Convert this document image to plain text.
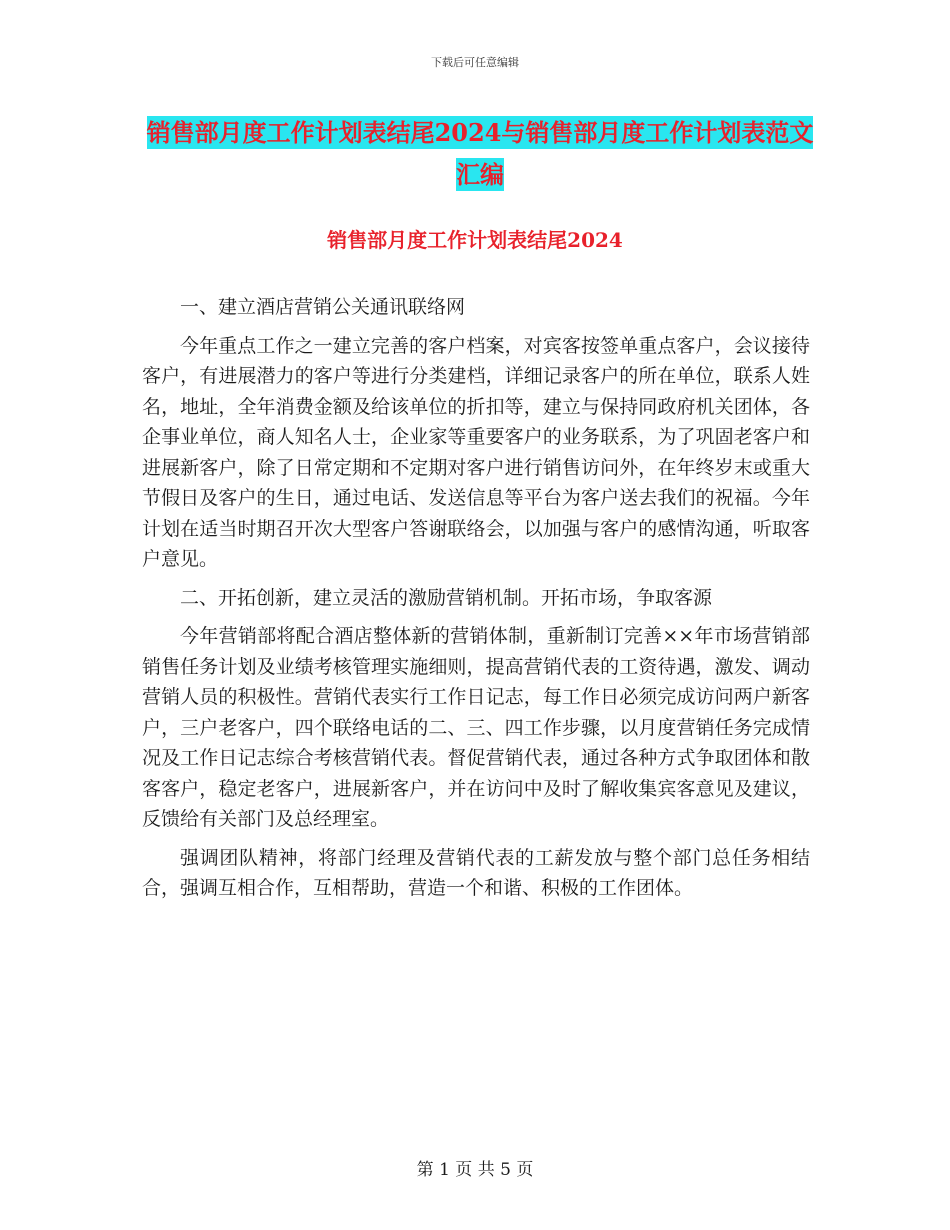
下载后可任意编辑
销售部月度工作计划表结尾2024与销售部月度工作计划表范文汇编
销售部月度工作计划表结尾2024

一、建立酒店营销公关通讯联络网

今年重点工作之一建立完善的客户档案，对宾客按签单重点客户，会议接待客户，有进展潜力的客户等进行分类建档，详细记录客户的所在单位，联系人姓名，地址，全年消费金额及给该单位的折扣等，建立与保持同政府机关团体，各企事业单位，商人知名人士，企业家等重要客户的业务联系，为了巩固老客户和进展新客户，除了日常定期和不定期对客户进行销售访问外，在年终岁末或重大节假日及客户的生日，通过电话、发送信息等平台为客户送去我们的祝福。今年计划在适当时期召开次大型客户答谢联络会，以加强与客户的感情沟通，听取客户意见。

二、开拓创新，建立灵活的激励营销机制。开拓市场，争取客源

今年营销部将配合酒店整体新的营销体制，重新制订完善××年市场营销部销售任务计划及业绩考核管理实施细则，提高营销代表的工资待遇，激发、调动营销人员的积极性。营销代表实行工作日记志，每工作日必须完成访问两户新客户，三户老客户，四个联络电话的二、三、四工作步骤，以月度营销任务完成情况及工作日记志综合考核营销代表。督促营销代表，通过各种方式争取团体和散客客户，稳定老客户，进展新客户，并在访问中及时了解收集宾客意见及建议，反馈给有关部门及总经理室。

强调团队精神，将部门经理及营销代表的工薪发放与整个部门总任务相结合，强调互相合作，互相帮助，营造一个和谐、积极的工作团体。

第 1 页 共 5 页
